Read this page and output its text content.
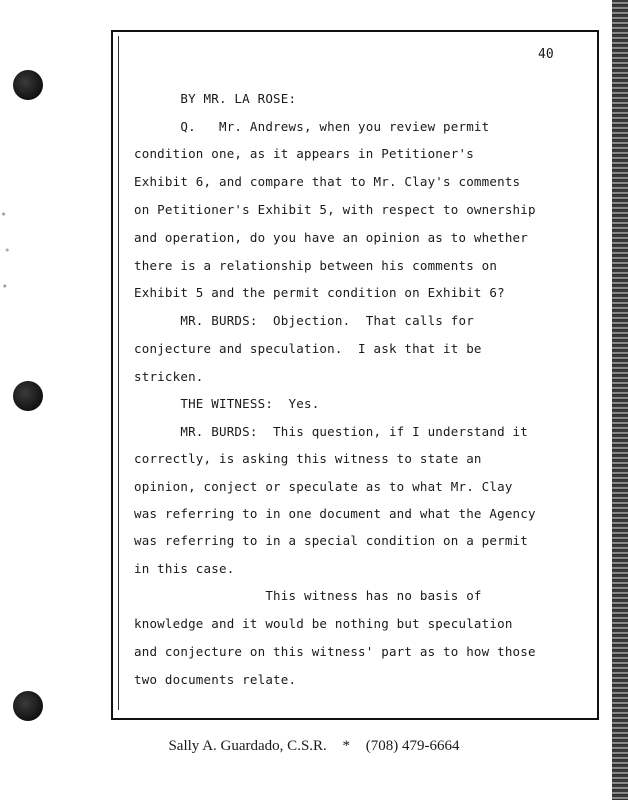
40
BY MR. LA ROSE:
Q.   Mr. Andrews, when you review permit
condition one, as it appears in Petitioner's
Exhibit 6, and compare that to Mr. Clay's comments
on Petitioner's Exhibit 5, with respect to ownership
and operation, do you have an opinion as to whether
there is a relationship between his comments on
Exhibit 5 and the permit condition on Exhibit 6?
MR. BURDS:  Objection.  That calls for
conjecture and speculation.  I ask that it be
stricken.
THE WITNESS:  Yes.
MR. BURDS:  This question, if I understand it
correctly, is asking this witness to state an
opinion, conject or speculate as to what Mr. Clay
was referring to in one document and what the Agency
was referring to in a special condition on a permit
in this case.
This witness has no basis of
knowledge and it would be nothing but speculation
and conjecture on this witness' part as to how those
two documents relate.
Sally A. Guardado, C.S.R. * (708) 479-6664
